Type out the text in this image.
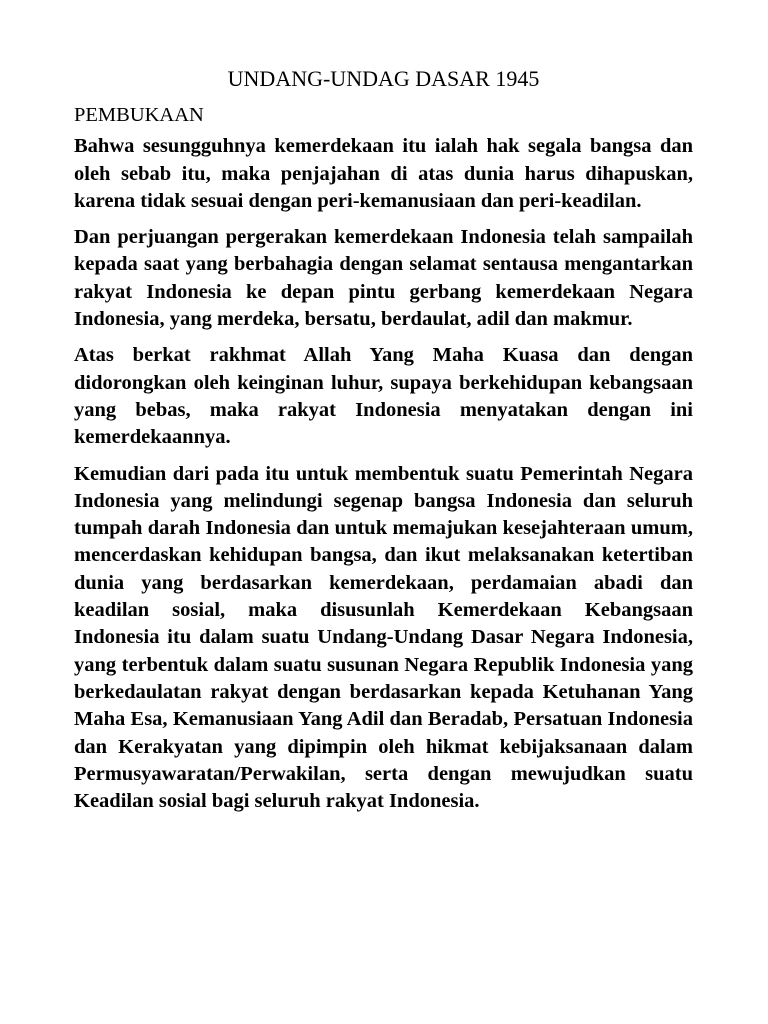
UNDANG-UNDAG DASAR 1945
PEMBUKAAN

Bahwa sesungguhnya kemerdekaan itu ialah hak segala bangsa dan oleh sebab itu, maka penjajahan di atas dunia harus dihapuskan, karena tidak sesuai dengan peri-kemanusiaan dan peri-keadilan.

Dan perjuangan pergerakan kemerdekaan Indonesia telah sampailah kepada saat yang berbahagia dengan selamat sentausa mengantarkan rakyat Indonesia ke depan pintu gerbang kemerdekaan Negara Indonesia, yang merdeka, bersatu, berdaulat, adil dan makmur.

Atas berkat rakhmat Allah Yang Maha Kuasa dan dengan didorongkan oleh keinginan luhur, supaya berkehidupan kebangsaan yang bebas, maka rakyat Indonesia menyatakan dengan ini kemerdekaannya.

Kemudian dari pada itu untuk membentuk suatu Pemerintah Negara Indonesia yang melindungi segenap bangsa Indonesia dan seluruh tumpah darah Indonesia dan untuk memajukan kesejahteraan umum, mencerdaskan kehidupan bangsa, dan ikut melaksanakan ketertiban dunia yang berdasarkan kemerdekaan, perdamaian abadi dan keadilan sosial, maka disusunlah Kemerdekaan Kebangsaan Indonesia itu dalam suatu Undang-Undang Dasar Negara Indonesia, yang terbentuk dalam suatu susunan Negara Republik Indonesia yang berkedaulatan rakyat dengan berdasarkan kepada Ketuhanan Yang Maha Esa, Kemanusiaan Yang Adil dan Beradab, Persatuan Indonesia dan Kerakyatan yang dipimpin oleh hikmat kebijaksanaan dalam Permusyawaratan/Perwakilan, serta dengan mewujudkan suatu Keadilan sosial bagi seluruh rakyat Indonesia.
